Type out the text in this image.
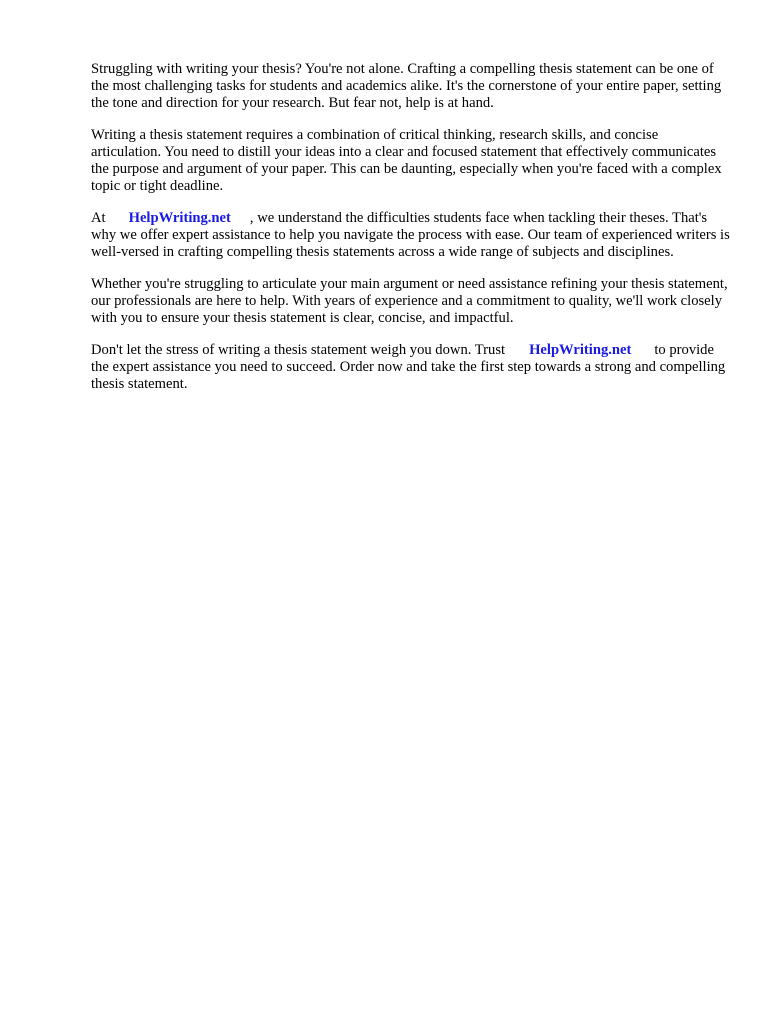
Struggling with writing your thesis? You're not alone. Crafting a compelling thesis statement can be one of the most challenging tasks for students and academics alike. It's the cornerstone of your entire paper, setting the tone and direction for your research. But fear not, help is at hand.

Writing a thesis statement requires a combination of critical thinking, research skills, and concise articulation. You need to distill your ideas into a clear and focused statement that effectively communicates the purpose and argument of your paper. This can be daunting, especially when you're faced with a complex topic or tight deadline.

At HelpWriting.net , we understand the difficulties students face when tackling their theses. That's why we offer expert assistance to help you navigate the process with ease. Our team of experienced writers is well-versed in crafting compelling thesis statements across a wide range of subjects and disciplines.

Whether you're struggling to articulate your main argument or need assistance refining your thesis statement, our professionals are here to help. With years of experience and a commitment to quality, we'll work closely with you to ensure your thesis statement is clear, concise, and impactful.

Don't let the stress of writing a thesis statement weigh you down. Trust HelpWriting.net to provide the expert assistance you need to succeed. Order now and take the first step towards a strong and compelling thesis statement.
